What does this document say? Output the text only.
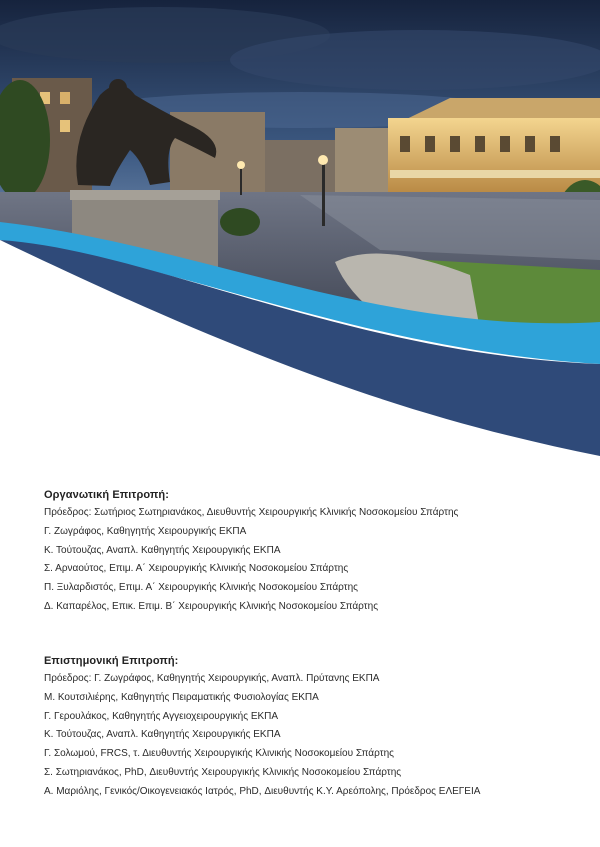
Οργανωτική Επιτροπή:
Πρόεδρος: Σωτήριος Σωτηριανάκος, Διευθυντής Χειρουργικής Κλινικής Νοσοκομείου Σπάρτης
Γ. Ζωγράφος, Καθηγητής Χειρουργικής ΕΚΠΑ
Κ. Τούτουζας, Αναπλ. Καθηγητής Χειρουργικής ΕΚΠΑ
Σ. Αρναούτος, Επιμ. Α΄ Χειρουργικής Κλινικής Νοσοκομείου Σπάρτης
Π. Ξυλαρδιστός, Επιμ. Α΄ Χειρουργικής Κλινικής Νοσοκομείου Σπάρτης
Δ. Καπαρέλος, Επικ. Επιμ. Β΄ Χειρουργικής Κλινικής Νοσοκομείου Σπάρτης
Επιστημονική Επιτροπή:
Πρόεδρος: Γ. Ζωγράφος, Καθηγητής Χειρουργικής, Αναπλ. Πρύτανης ΕΚΠΑ
Μ. Κουτσιλιέρης, Καθηγητής Πειραματικής Φυσιολογίας ΕΚΠΑ
Γ. Γερουλάκος, Καθηγητής Αγγειοχειρουργικής ΕΚΠΑ
Κ. Τούτουζας, Αναπλ. Καθηγητής Χειρουργικής ΕΚΠΑ
Γ. Σολωμού, FRCS, τ. Διευθυντής Χειρουργικής Κλινικής Νοσοκομείου Σπάρτης
Σ. Σωτηριανάκος, PhD, Διευθυντής Χειρουργικής Κλινικής Νοσοκομείου Σπάρτης
Α. Μαριόλης, Γενικός/Οικογενειακός Ιατρός, PhD, Διευθυντής Κ.Υ. Αρεόπολης, Πρόεδρος ΕΛΕΓΕΙΑ
